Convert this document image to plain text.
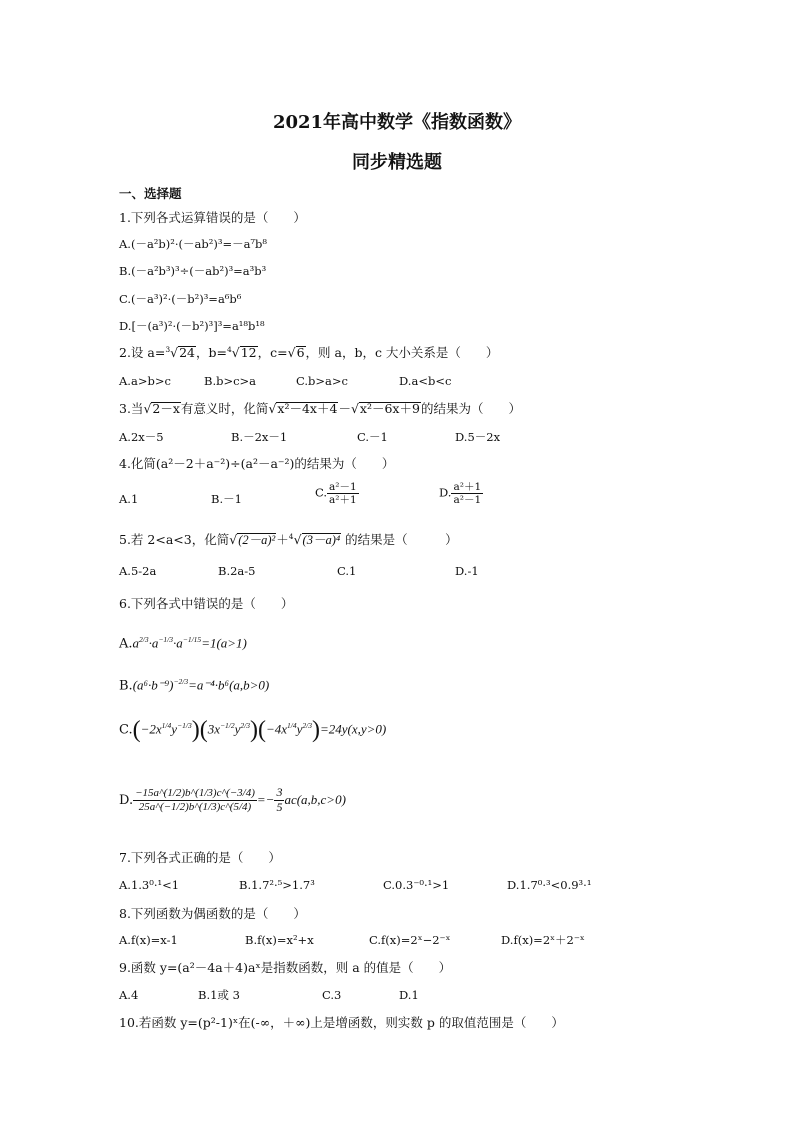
2021年高中数学《指数函数》
同步精选题
一、选择题
1.下列各式运算错误的是（　　）
A.(－a²b)²·(－ab²)³=－a⁷b⁸
B.(－a²b³)³÷(－ab²)³=a³b³
C.(－a³)²·(－b²)³=a⁶b⁶
D.[－(a³)²·(－b²)³]³=a¹⁸b¹⁸
2.设 a=$^3$√24，b=$^4$√12，c=√6，则 a，b，c 大小关系是（　　）
A.a>b>c	B.b>c>a	C.b>a>c	D.a<b<c
3.当√2－x有意义时，化简√x²－4x＋4－√x²－6x＋9的结果为（　　）
A.2x－5	B.－2x－1	C.－1	D.5－2x
4.化简(a²－2＋a⁻²)÷(a²－a⁻²)的结果为（　　）
A.1	B.－1	C. $\frac{\text{a²－1}}{\text{a²＋1}}$	D. $\frac{\text{a²＋1}}{\text{a²－1}}$
5.若 2<a<3，化简√(2－a)²＋$^4$√(3－a)⁴ 的结果是（　　　）
A.5-2a	B.2a-5	C.1	D.-1
6.下列各式中错误的是（　　）
$A.a^{2/3}\cdot a^{-1/3}\cdot a^{-1/15}=1(a>1)$
$B.(a^6\cdot b^{-9})^{-2/3}=a^{-4}\cdot b^6(a,b>0)$
$C.(-2x^{1/4}y^{-1/3})(3x^{-1/2}y^{2/3})(-4x^{1/4}y^{2/3})=24y(x,y>0)$
D. $\frac{-15a\^{}(1/2)b\^{}(1/3)c\^{}(-3/4)}{25a\^{}(-1/2)b\^{}(1/3)c\^{}(5/4)} =- \frac{3}{5} ac(a,b,c>0)$
7.下列各式正确的是（　　）
A.1.3⁰·¹<1	B.1.7²·⁵>1.7³	C.0.3⁻⁰·¹>1	D.1.7⁰·³<0.9³·¹
8.下列函数为偶函数的是（　　）
A.f(x)=x-1	B.f(x)=x²+x	C.f(x)=2ˣ−2⁻ˣ	D.f(x)=2ˣ＋2⁻ˣ
9.函数 y=(a²－4a＋4)aˣ是指数函数，则 a 的值是（　　）
A.4	B.1或 3	C.3	D.1
10.若函数 y=(p²-1)ˣ在(-∞，＋∞)上是增函数，则实数 p 的取值范围是（　　）
